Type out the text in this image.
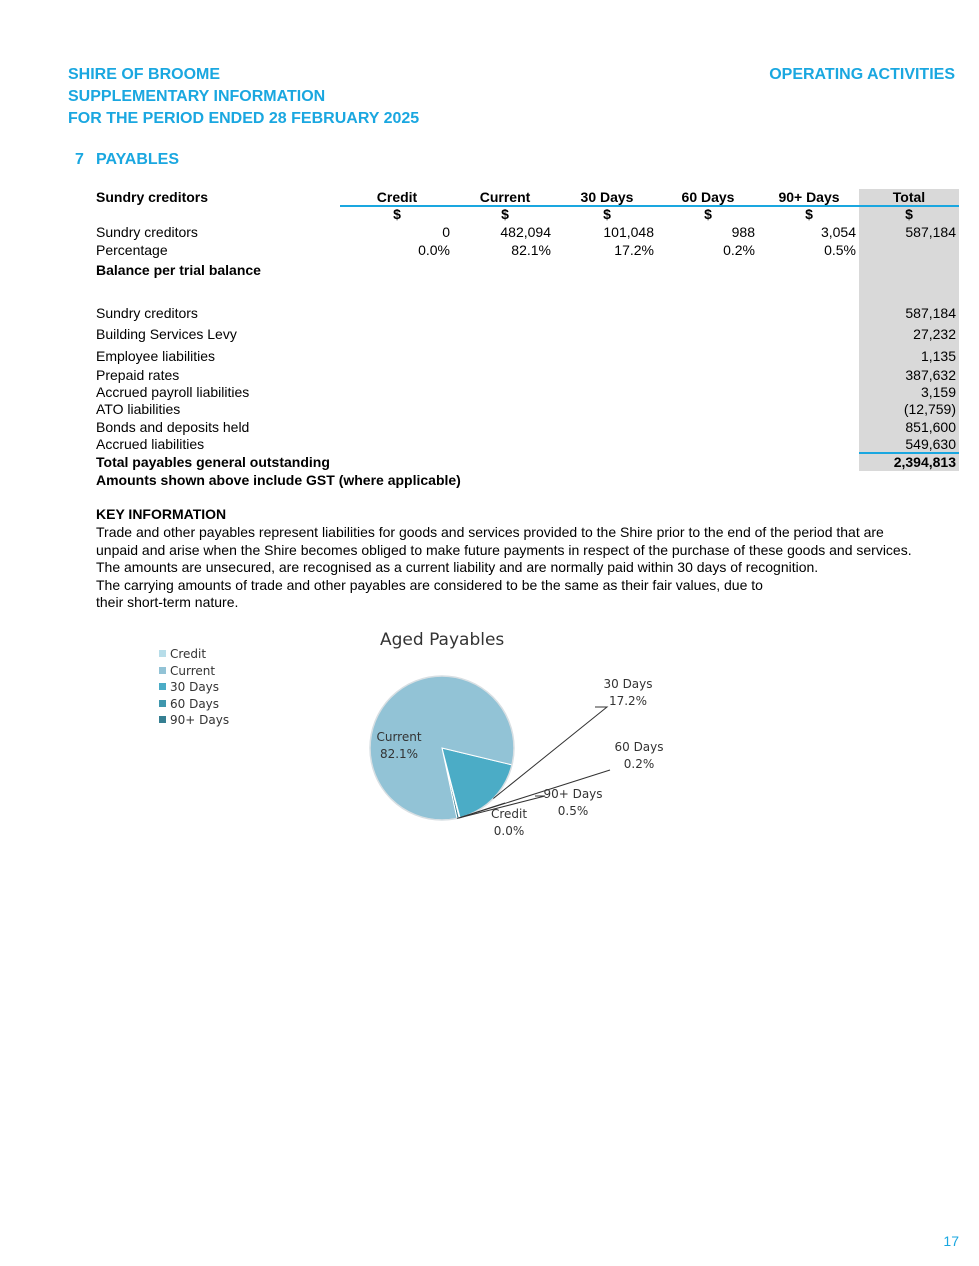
SHIRE OF BROOME
SUPPLEMENTARY INFORMATION
FOR THE PERIOD ENDED 28 FEBRUARY 2025
OPERATING ACTIVITIES
7 PAYABLES
Sundry creditors	Credit	Current	30 Days	60 Days	90+ Days	Total
$	$	$	$	$	$
Sundry creditors	0	482,094	101,048	988	3,054	587,184
Percentage	0.0%	82.1%	17.2%	0.2%	0.5%
Balance per trial balance
Sundry creditors	587,184
Building Services Levy	27,232
Employee liabilities	1,135
Prepaid rates	387,632
Accrued payroll liabilities	3,159
ATO liabilities	(12,759)
Bonds and deposits held	851,600
Accrued liabilities	549,630
Total payables general outstanding	2,394,813
Amounts shown above include GST (where applicable)
KEY INFORMATION
Trade and other payables represent liabilities for goods and services provided to the Shire prior to the end of the period that are
unpaid and arise when the Shire becomes obliged to make future payments in respect of the purchase of these goods and services.
The amounts are unsecured, are recognised as a current liability and are normally paid within 30 days of recognition.
The carrying amounts of trade and other payables are considered to be the same as their fair values, due to
their short-term nature.
Aged Payables
Credit
Current
30 Days
60 Days
90+ Days
Current
82.1%
30 Days
17.2%
60 Days
0.2%
90+ Days
0.5%
Credit
0.0%
17
